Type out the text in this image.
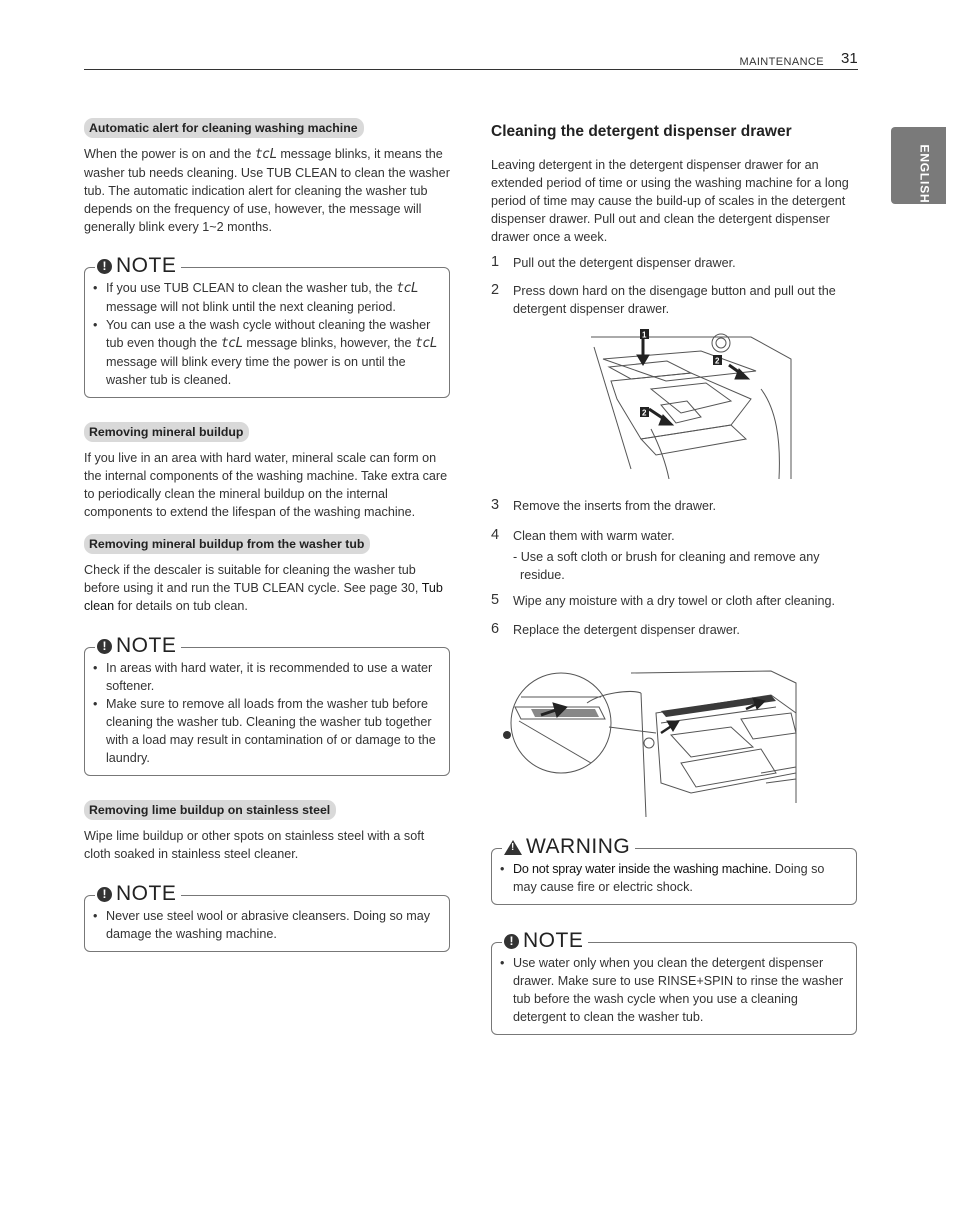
MAINTENANCE 31
ENGLISH
Automatic alert for cleaning washing machine

When the power is on and the tcL message blinks, it means the washer tub needs cleaning. Use TUB CLEAN to clean the washer tub. The automatic indication alert for cleaning the washer tub depends on the frequency of use, however, the message will generally blink every 1~2 months.

! NOTE
• If you use TUB CLEAN to clean the washer tub, the tcL message will not blink until the next cleaning period.
• You can use a the wash cycle without cleaning the washer tub even though the tcL message blinks, however, the tcL message will blink every time the power is on until the washer tub is cleaned.
Removing mineral buildup

If you live in an area with hard water, mineral scale can form on the internal components of the washing machine. Take extra care to periodically clean the mineral buildup on the internal components to extend the lifespan of the washing machine.

Removing mineral buildup from the washer tub

Check if the descaler is suitable for cleaning the washer tub before using it and run the TUB CLEAN cycle. See page 30, Tub clean for details on tub clean.

! NOTE
• In areas with hard water, it is recommended to use a water softener.
• Make sure to remove all loads from the washer tub before cleaning the washer tub. Cleaning the washer tub together with a load may result in contamination of or damage to the laundry.
Removing lime buildup on stainless steel

Wipe lime buildup or other spots on stainless steel with a soft cloth soaked in stainless steel cleaner.

! NOTE
• Never use steel wool or abrasive cleansers. Doing so may damage the washing machine.
Cleaning the detergent dispenser drawer

Leaving detergent in the detergent dispenser drawer for an extended period of time or using the washing machine for a long period of time may cause the build-up of scales in the detergent dispenser drawer. Pull out and clean the detergent dispenser drawer once a week.

1 Pull out the detergent dispenser drawer.
2 Press down hard on the disengage button and pull out the detergent dispenser drawer.
1
2
2
3 Remove the inserts from the drawer.
4 Clean them with warm water.

- Use a soft cloth or brush for cleaning and remove any residue.

5 Wipe any moisture with a dry towel or cloth after cleaning.
6 Replace the detergent dispenser drawer.
!
WARNING
• Do not spray water inside the washing machine. Doing so may cause fire or electric shock.
! NOTE
• Use water only when you clean the detergent dispenser drawer. Make sure to use RINSE+SPIN to rinse the washer tub before the wash cycle when you use a cleaning detergent to clean the washer tub.
